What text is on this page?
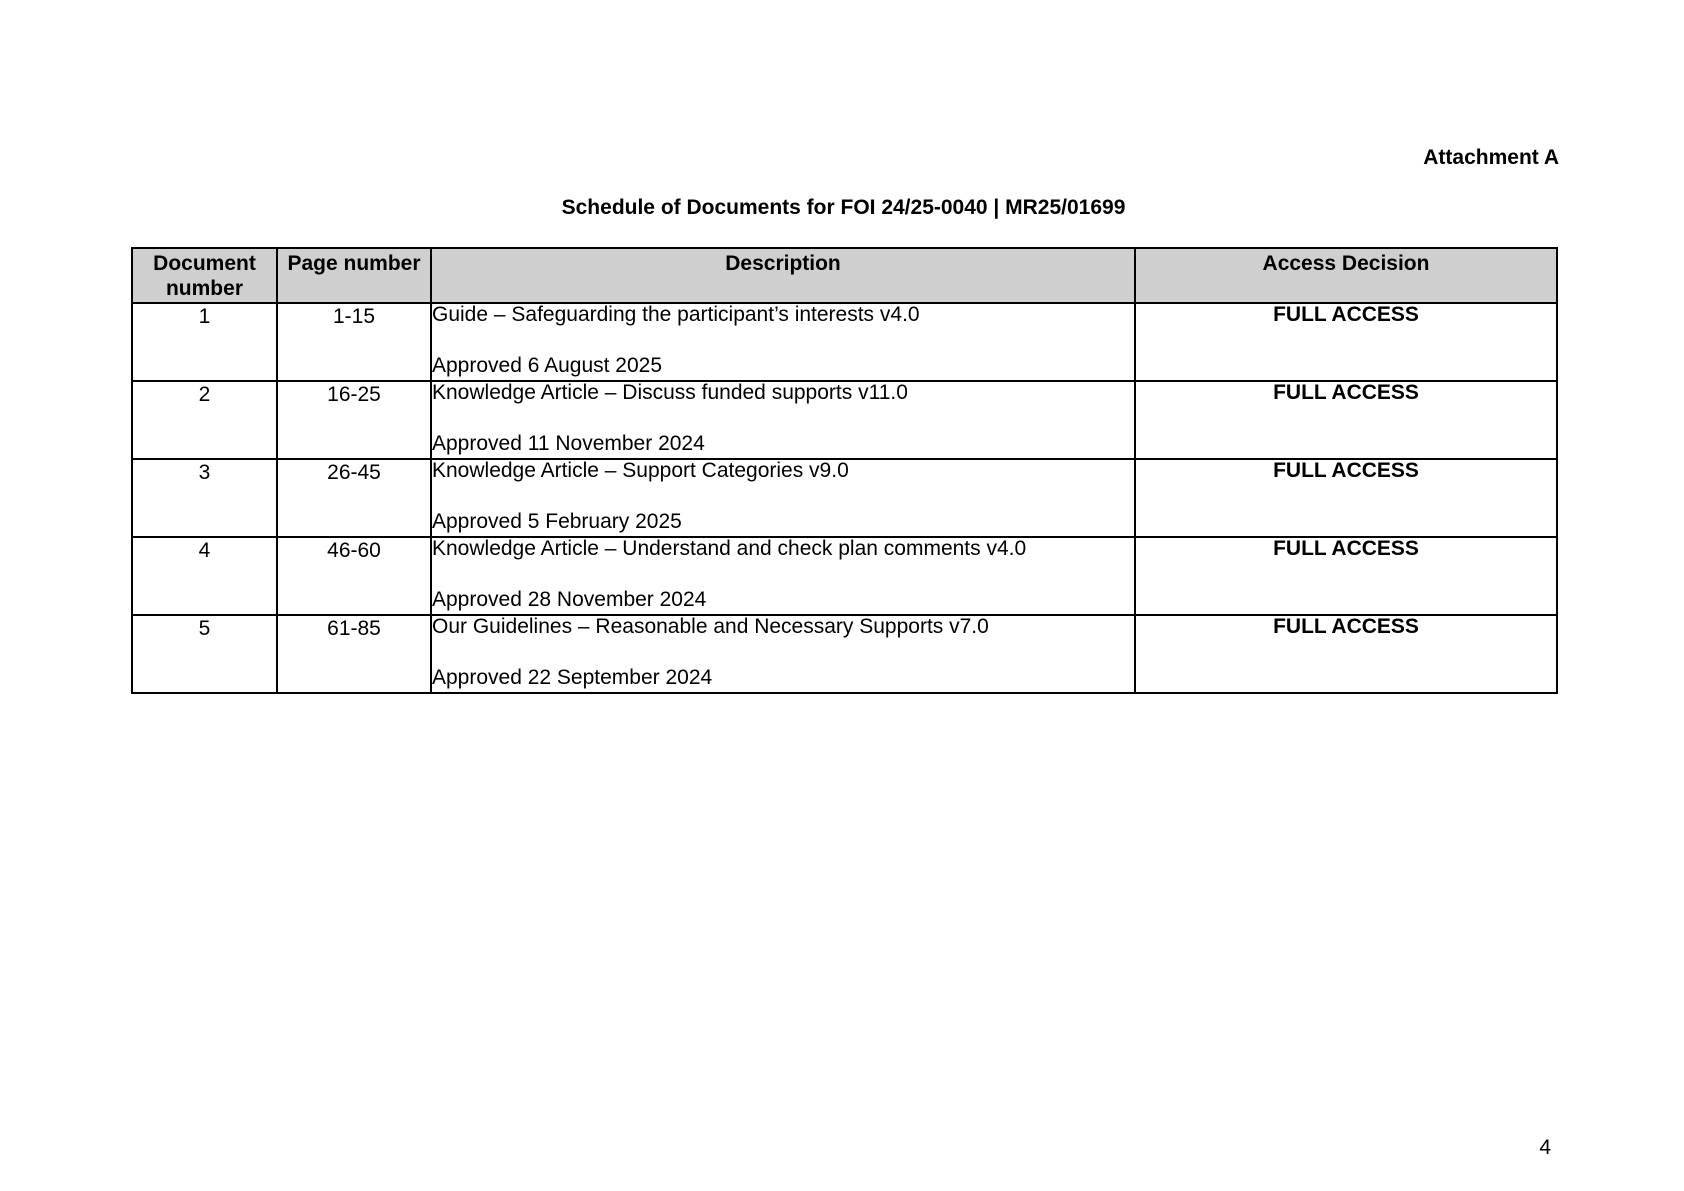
Attachment A
Schedule of Documents for FOI 24/25-0040 | MR25/01699
Document number	Page number	Description	Access Decision
1	1-15	Guide – Safeguarding the participant’s interests v4.0
Approved 6 August 2025	FULL ACCESS

2	16-25	Knowledge Article – Discuss funded supports v11.0
Approved 11 November 2024	FULL ACCESS

3	26-45	Knowledge Article – Support Categories v9.0
Approved 5 February 2025	FULL ACCESS

4	46-60	Knowledge Article – Understand and check plan comments v4.0
Approved 28 November 2024	FULL ACCESS

5	61-85	Our Guidelines – Reasonable and Necessary Supports v7.0
Approved 22 September 2024	FULL ACCESS
4
